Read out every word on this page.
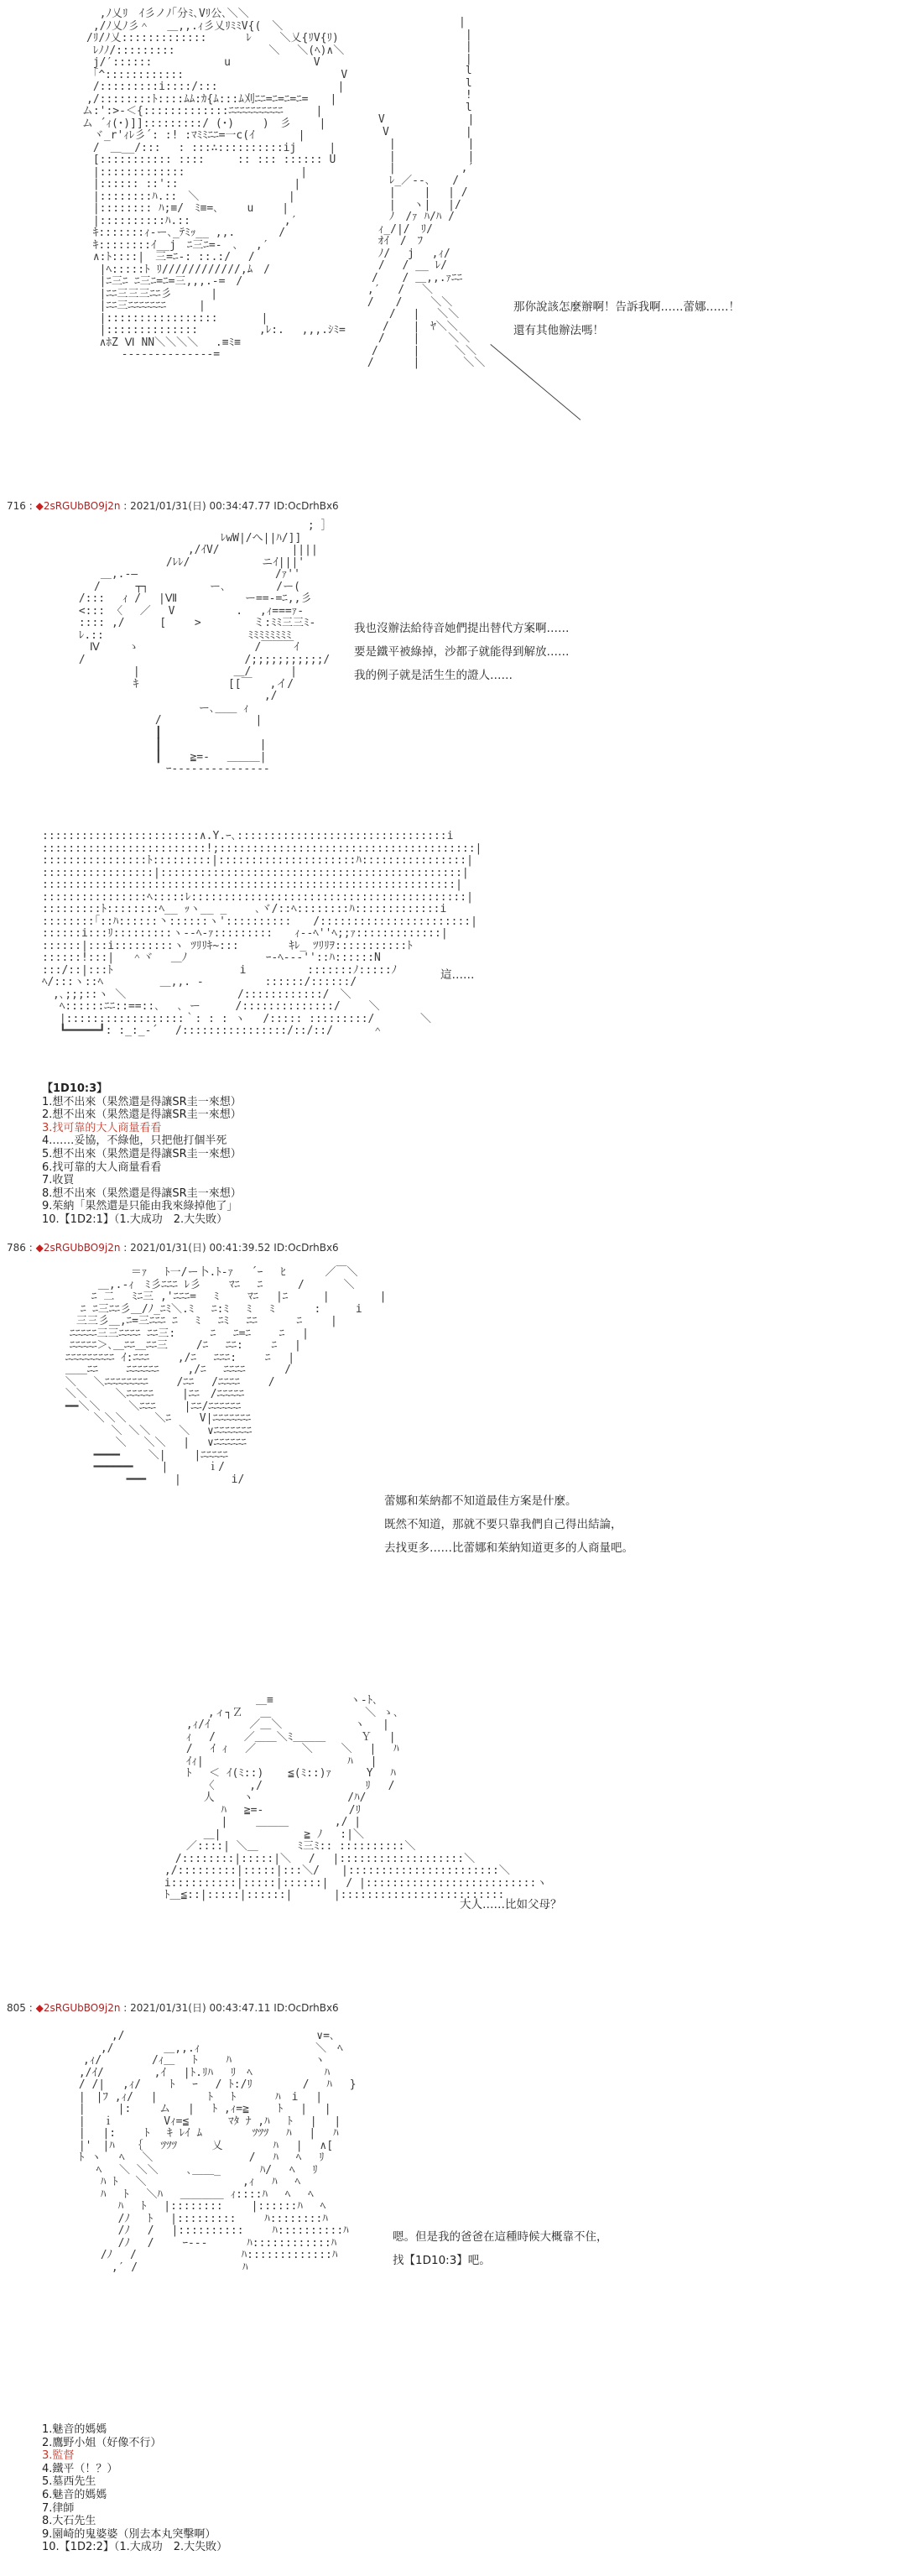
　 ,ﾉ乂ﾘ　ｲ彡ノﾉ｢分ﾐ､Vﾘ公､＼＼
　 ,/ﾉ乂ﾉ彡＾　 ＿,,.ｨ彡乂ﾘﾐﾐV{(　＼
　/ﾘ/ﾉ乂:::::::::::::　　　 ﾚ　　 ＼乂{ﾘV{ﾘ)
　 ﾚﾉﾉ/:::::::::　　　　　 　　　＼　 ＼(ﾍ)∧＼
　 j/′::::::　　　　　　 u　　　　　　　 V
　 ｢^::::::::::::　　　 　 　　　　　　　 　 V
　 /:::::::::i::::/:::　　　　　　　　　　　|
　,/::::::::ﾄ::::ﾑﾑ:ｶ{ﾑ:::ﾑ刈ﾆﾆ=ﾆ=ﾆ=ﾆ=　　|
ム:':>-＜{:::::::::::::ﾆﾆﾆﾆﾆﾆﾆﾆﾆﾆ　　　|
ム ´ｨ(･)]]:::::::::/ (･)　　 )　彡　　 |
　ヾ_r'ｨﾚ彡´: :! :ﾏﾐﾐﾆﾆ=一c(ｲ　　　　|
　/　＿__/:::　 : :::∴::::::::::ij　　　|
　[::::::::::: ::::　　　:: ::: :::::: U
　|:::::::::::::　　　　　 　　　　　|
　|:::::: ::'::　　　　　　　　　　 |
　|::::::::ﾊ.::　＼　　　　 　　　 |
　|:::::::: ﾊ;≡/　ﾐ≡=､　　 u　　 |
　|::::::::::ﾊ.::　　　　　　　　 ,′
　ｷ:::::::ｨ‐ー､_ﾃﾐｯ__ ,,.　　　　/
　ｷ::::::::ｲ__j　ﾆ三ﾆ=-　､　 ,′
　∧:ﾄ::::|　三=ﾆ-: ::.:/　 /
　 |ﾍ:::::ﾄ ﾘ////////////,ﾑ　/
　 |ﾆ三ﾆ ﾆ三ﾆ=ﾆ=三,,,.-=　/
　 |ﾆﾆ三三三ﾆﾆ彡　　　 |
　 |ﾆﾆ三ﾆﾆﾆﾆﾆﾆﾆ　　　|
　 |:::::::::::::::::　　　　|
　 |::::::::::::::　　　　　 ,ﾚ:.　 ,,,.ｼﾐ=
　 ∧ﾎZ Ⅵ NN＼＼＼＼　 .≡ﾐ≡
　 　　‐‐‐‐‐‐‐‐‐‐‐‐‐‐=

　　　　　　　　　|
　　　　　　　　　 |
　　　　　　　　　 |
　　　　　　　　　 |
　　　　　　　　　 l
　　　　　　　　　 l
　　　　　　　　　 !
　　　　　　　　　 l
　 V　　　　　　　 |
　　V　　　　　　　|
　　 |　　　　　　 |
　　 |　　　　　　 |
　　 |　　　　　　,′
　　 ﾚ_／‐‐､　　/
　　 |　 　|　 | /
　　 |　 ヽ|　 |/
　　 ﾉ　/ｧ ﾊ/ﾊ /
　 ｨ_/|/　ﾘ/
　 ｵｲ　/　ﾌ
　 ﾉ/　 j　 ,ｨ/
　 / 　/ __ ﾚ/
　/ 　 / ＿,,.ｧﾆﾆ
,′ 　/　 ＼
/　　/ 　　＼＼
　　 /　 |　 ＼＼
　　/ 　 |　ﾔ＼＼
　 /　　 |　　 ＼＼
　/ 　　 | 　 　＼＼
/　　　 |　　　　＼＼

那你說該怎麼辦啊！告訴我啊……蕾娜……！
還有其他辦法嗎！
716 : ◆2sRGUbBO9j2n : 2021/01/31(日) 00:34:47.77 ID:OcDrhBx6
　　　　　　　　　　　　　　　　　　　　　　　 ; ］
　　　　　　　　　　　　　　　 ﾚwW|/へ||ﾊ/]]
　　　　　　　　　　　　 ,/ｲV/　　　　　　 ||||
　　　　　　　　　　 /ﾚﾚ/　　　　　　 ニｲ|||'
　　　　 ＿,.-―　　　　　　　　　　　　 /ｧ''
　　　　/ 　　 ┬┐　　　　　 ー､　　　　 /ー(
　　 /:::　 ｨ /　 |Ⅶ　　　 　　 ー==‐=ﾆ,,彡
　　 <::: 〈　 ／　 V　　　　　 .　 ,ｨ===ｧ‐
　　 :::: ,/ 　 　[　　 >　 　 　 ミ:ﾐﾐ三三ﾐ-
　　 ﾚ.:: 　　　　　　　　　　　　 ﾐﾐﾐﾐﾐﾐﾐﾐ
　　 　Ⅳ　　 ゝ　　　　　　　　　　 /￣￣￣ｲ
　　 /　　　　　　　　　　　　　　 /;;;;;;;;;;;/
　　　　　　　 |　　　　　　　　 ＿/　　　 |
　　　　　　　 ｷ　　　　　　 　 [[￣　 ,イ/
　　　　　　　　　　　　　　　　　　　 ,/
　　　　　　　　　　　　　 ー､＿＿ ｨ
　　　　　　　　　 /　　　　　　　　 |
　　　　　　　　　 ┃
　　　　　　　　　 ┃　　　　　　　　　|
　　　　　　　　　 ┃　　 ≧=-　 ＿＿＿|
　　　　　　　　　　 ｰ‐‐‐‐‐‐‐‐‐‐‐‐‐‐‐

我也沒辦法給待音她們提出替代方案啊……
要是鐵平被綠掉，沙都子就能得到解放……
我的例子就是活生生的證人……
::::::::::::::::::::::::∧.Y.ｰ､::::::::::::::::::::::::::::::::i
:::::::::::::::::::::::::!;:::::::::::::::::::::::::::::::::::::::|
::::::::::::::::ﾄ:::::::::|:::::::::::::::::::::ﾊ::::::::::::::::|
:::::::::::::::::|::::::::::::::::::::::::::::::::::::::::::::::|
:::::::::::::::::::::::::::::::::::::::::::::::::::::::::::::::|
::::::::::::::::ﾍ:::::ﾚ::::::::::::::::::::::::::::::::::::::::::|
:::::::::ﾄ::::::::ﾍ__ ｯヽ__ _　　 ､ヾ/::ﾍ::::::::ﾊ:::::::::::::i
::::::::｢::ﾊ::::::丶::::::ヽ'::::::::::　　/:::::::::::::::::::::::|
::::::i:::ﾘ:::::::::ヽ‐‐ﾍ‐ｧ:::::::::　　ｨ-‐ﾍ''ﾍ;;ｧ:::::::::::::|
::::::|:::i:::::::::ヽ ﾂﾘﾘｷ~:::　　　　 ｷﾚ_ ﾂﾘﾘｦ:::::::::::ﾄ
::::::!:::|　 ＾ヾ　 ＿ﾉ　 　　　　　 ｰ-ﾍ-‐‐''::ﾊ::::::N
:::/::|:::ﾄ　　　　　　　　　　　 i　　　　　 :::::::ﾉ:::::ﾉ
ﾍ/:::ヽ::ﾍ 　　　　 ＿,,. -　　　　　 ::::::/::::::/
　,､;;;::ヽ ＼　　　　　　 　　　 /::::::::::::/　＼
　 ﾍ::::::ﾆﾆ::==::､　 ､ ー　 　 /::::::::::::::/　　 ＼
　 |::::::::::::::::::｀: : : ヽ　 /::::: :::::::::/ 　　　 ＼
　 ┗━━━━━┛: :_:_‐´　 /::::::::::::::::/::/::/　　　 ＾

這……
【1D10:3】
1.想不出來（果然還是得讓SR圭一來想）
2.想不出來（果然還是得讓SR圭一來想）
3.找可靠的大人商量看看
4.……妥協，不綠他，只把他打個半死
5.想不出來（果然還是得讓SR圭一來想）
6.找可靠的大人商量看看
7.收買
8.想不出來（果然還是得讓SR圭一來想）
9.茱納「果然還是只能由我來綠掉他了」
10.【1D2:1】（1.大成功　2.大失敗）
786 : ◆2sRGUbBO9j2n : 2021/01/31(日) 00:41:39.52 ID:OcDrhBx6
　　　　　　 ＝ｧ　 ﾄ一/ー卜.ﾄ-ｧ　 ´ｰ　 ﾋ　　　 ／￣＼
　　　 ＿,.-ｨ　ﾐ彡ﾆﾆﾆ ﾚ彡　　 ﾏﾆ　 ﾆ　 　 /　　　 ＼
　　　ﾆ 二　 ﾐﾆ三 ,'ﾆﾆﾆ=　 ﾐ　　 ﾏﾆ　 |ﾆ　 　 |　　　　 |
　　ﾆ ﾆ三ﾆﾆ彡＿/ﾉ_ﾆﾐ＼.ﾐ　 ﾆ:ﾐ　 ﾐ　 ﾐ　　　 :　 　 i
　 三三彡＿,ﾆ=三ﾆﾆﾆ ﾆ　 ﾐ　 ﾆﾐ　 ﾆﾆ　　　 ﾆ　　 |
　ﾆﾆﾆﾆﾆ三三ﾆﾆﾆﾆ ﾆﾆ三:　 　 ﾆ　 ﾆ=ﾆ　　 ﾆ　 |
　ﾆﾆﾆﾆﾆ＞､＿ﾆﾆ＿ﾆﾆ三　　 /ﾆ　 ﾆﾆ:　　 ﾆ　 |
ﾆﾆﾆﾆﾆﾆﾆﾆﾆ ｲ:ﾆﾆﾆ　　 ,/ﾆ　 ﾆﾆﾆ:　　 ﾆ　 |
＿＿ﾆﾆ　　 ﾆﾆﾆﾆﾆﾆ　　 ,/ﾆ　 ﾆﾆﾆﾆ　　　 /
＼　 ＼ﾆﾆﾆﾆﾆﾆﾆﾆ　　 /ﾆﾆ　 /ﾆﾆﾆﾆ　　 /
＼＼　　 ＼ﾆﾆﾆﾆﾆ　　 |ﾆﾆ　/ﾆﾆﾆﾆﾆ
━━＼＼　　 ＼ﾆﾆﾆ　　 |ﾆﾆ/ﾆﾆﾆﾆﾆﾆ
　　 ＼＼＼　　 ＼ﾆ　　 V|ﾆﾆﾆﾆﾆﾆﾆ
　　 　 ＼ ＼＼　　 ＼　 ∨ﾆﾆﾆﾆﾆﾆﾆ
　　　　 ＼　 ＼＼　 |　 ∨ﾆﾆﾆﾆﾆﾆ
　　 ━━━━　　 ＼|　　 |ﾆﾆﾆﾆﾆ
　　 ━━━━━━　　 |　　　 ｉ/
　　　　　 ━━━　　 |　　　　 i/

蕾娜和茱納都不知道最佳方案是什麼。
既然不知道，那就不要只靠我們自己得出結論，
去找更多……比蕾娜和茱納知道更多的人商量吧。
　　　　　　　　　　＿≡　　　　　　　ヽ‐ﾄ､
　　　　　 ,ィ┐Ｚ　 ＿　　　　　　　　 ＼ ゝ､
　　　 ,ｨ/ｲ　　　 ／＿＼　　　　　　 ヽ　 |
　　　 ｨ　 /　　 ／＿＿＼ﾐ＿＿＿ 　　 Ｙ　 |
　　　 /　 ｲ ｨ　 ／　　 　 ＼　　 ＼　 |　 ﾊ
　　　 ｲｨ|　　　　　　　　　　　 　 ﾊ　 |
　　　 ﾄ　 ＜ ｲ(ﾐ::) 　 ≦(ﾐ::)ｧ　 　 Y　 ﾊ
　　　 　 〈　 　 ,/　　　　 　 　 　 ﾘ　 /
　　　 　 人　　 ヽ　　　　　　　　 /ﾊ/
　　　 　 　 ﾊ　 ≧=-　　　　 　 　 /ﾘ
　　　 　 　 |　　 ＿＿＿　　 　 ,/ |
　　　 　 ＿|　　　　　　　 ≧ ﾉ　 :|＼
　　　 ／::::| ＼＿　　　 ﾐ三ﾐ:: ::::::::::＼
　　 /::::::::|:::::|＼　 /　 |:::::::::::::::::::＼
　 ,/:::::::::|:::::|:::＼/　　|:::::::::::::::::::::::＼
　 i::::::::::|:::::|::::::|　 / |::::::::::::::::::::::::::ヽ
　 ﾄ＿≦::|:::::|::::::| 　 　 |:::::::::::::::::::::::::

大人……比如父母？
805 : ◆2sRGUbBO9j2n : 2021/01/31(日) 00:43:47.11 ID:OcDrhBx6
　　　　　 ,/　　　　　　　　　　　　　　　　　 ∨=､
　　　　 ,/　　　　 ＿,,.ｨ　　　　　　　　　　 ＼　ﾍ
　　　,ｨ/　　　　 /ｨ＿　 ﾄ　　 ﾊ　　　　　　　 ヽ
　　 ,/ｲ/　　　　 ,ｲ　 |ﾄ.ﾘﾊ　 ﾘ　ﾍ　　　　　　 ﾊ
　　 / /|　 ,ｨ/　　 ﾄ　 ｰ　 / ﾄ:/ﾘ　　　　 /　 ﾊ　 }
　　 |　|ﾌ ,ｨ/　 |　　　　 ﾄ　 ﾄ　　　 ﾊ　i　 |
　　 |　　　|:　　 ム　 |　 ﾄ ,ｨ=≧　　 ﾄ　 |　 |
　　 |　 ｉ　　　　 Vｨ=≦　　　 ﾏﾀ ﾅ ,ﾊ　 ﾄ　 |　 |
　　 | 　|:　　 ﾄ　 ｷ ﾚｲ ﾑ　　　　 ﾂﾂﾂ　 ﾊ　 |　 ﾊ
　　 |'　|ﾊ　 ｛　 ﾂﾂﾂ　 　 乂　　　　 ﾊ　 |　 ∧[
　　 ﾄ ヽ　 ﾍ　 ＼　　　　　 　 　 /　 ﾊ　 ﾍ　 ﾘ
　　 　 ﾍ　 ＼ ＼＼　　 ､＿＿_　　　 ﾊ/　 ﾍ　 ﾘ
　　　　 ﾊ ﾄ　 ＼　　　 　 　　　 ,ｨ　 ﾊ　 ﾍ
　　　　 ﾊ　 ﾄ　 ＼ﾊ　 ＿＿＿＿ ｨ::::ﾊ　 ﾍ　 ﾍ
　　　　 　 ﾊ　 ﾄ　 |::::::::　　 |::::::ﾊ　 ﾍ
　　　　 　 /ﾉ　 ﾄ　 |:::::::::　　 ﾊ::::::::ﾊ
　　　　 　 /ﾉ　 /　 |::::::::::　　 ﾊ::::::::::ﾊ
　　　　 　 /ﾉ　 /　　 ｰ‐‐-　　　 ﾊ::::::::::::ﾊ
　　　　 /ﾉ　 /　　　　　　　　　 ﾊ:::::::::::::ﾊ
　　　　　 ,′ /　　　　　　　　　 ﾊ

嗯。但是我的爸爸在這種時候大概靠不住，
找【1D10:3】吧。
1.魅音的媽媽
2.鷹野小姐（好像不行）
3.監督
4.鐵平（！？）
5.墓西先生
6.魅音的媽媽
7.律師
8.大石先生
9.園崎的鬼婆婆（別去本丸突擊啊）
10.【1D2:2】（1.大成功　2.大失敗）
